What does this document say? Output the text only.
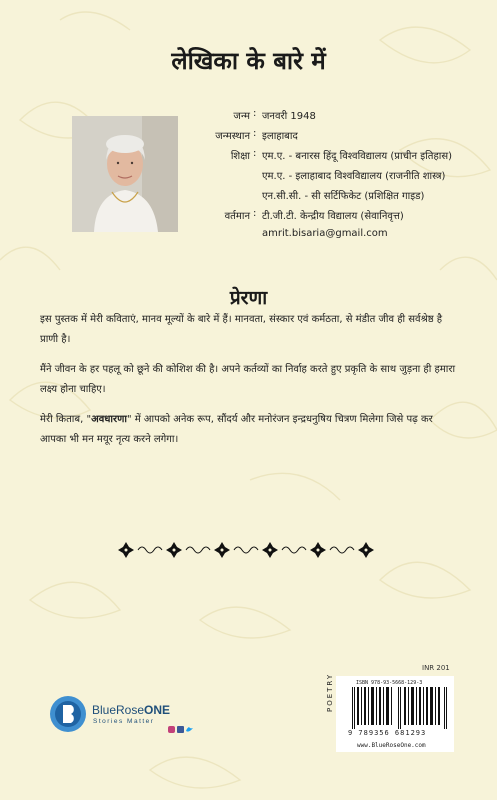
लेखिका के बारे में
जन्म : जनवरी 1948
जन्मस्थान : इलाहाबाद
शिक्षा : एम.ए. - बनारस हिंदू विश्वविद्यालय (प्राचीन इतिहास)
एम.ए. - इलाहाबाद विश्वविद्यालय (राजनीति शास्त्र)
एन.सी.सी. - सी सर्टिफिकेट (प्रशिक्षित गाइड)
वर्तमान : टी.जी.टी. केन्द्रीय विद्यालय (सेवानिवृत्त)
amrit.bisaria@gmail.com
प्रेरणा
इस पुस्तक में मेरी कविताएं, मानव मूल्यों के बारे में हैं। मानवता, संस्कार एवं कर्मठता, से मंडीत जीव ही सर्वश्रेष्ठ है प्राणी है।
मैंने जीवन के हर पहलू को छूने की कोशिश की है। अपने कर्तव्यों का निर्वाह करते हुए प्रकृति के साथ जुड़ना ही हमारा लक्ष्य होना चाहिए।
मेरी किताब, "अवधारणा" में आपको अनेक रूप, सौंदर्य और मनोरंजन इन्द्रधनुषिय चित्रण मिलेगा जिसे पढ़ कर आपका भी मन मयूर नृत्य करने लगेगा।
INR 201
POETRY	ISBN 978-93-5668-129-3
9 789356 681293
www.BlueRoseOne.com
BlueRoseONE
Stories Matter
